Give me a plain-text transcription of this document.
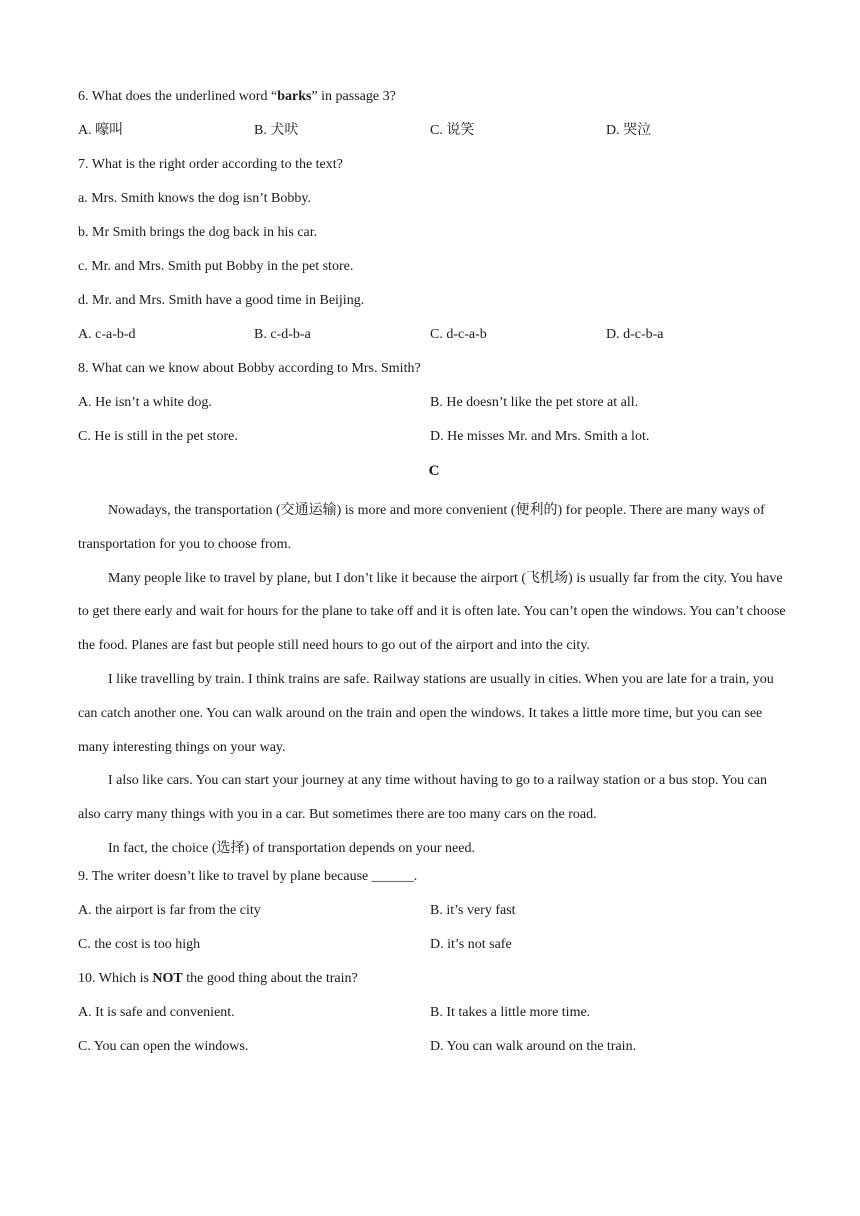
6. What does the underlined word “barks” in passage 3?
A. 嚎叫	B. 犬吠	C. 说笑	D. 哭泣
7. What is the right order according to the text?
a. Mrs. Smith knows the dog isn’t Bobby.
b. Mr Smith brings the dog back in his car.
c. Mr. and Mrs. Smith put Bobby in the pet store.
d. Mr. and Mrs. Smith have a good time in Beijing.
A. c-a-b-d	B. c-d-b-a	C. d-c-a-b	D. d-c-b-a
8. What can we know about Bobby according to Mrs. Smith?
A. He isn’t a white dog.	B. He doesn’t like the pet store at all.
C. He is still in the pet store.	D. He misses Mr. and Mrs. Smith a lot.
C
Nowadays, the transportation (交通运输) is more and more convenient (便利的) for people. There are many ways of transportation for you to choose from.
Many people like to travel by plane, but I don’t like it because the airport (飞机场) is usually far from the city. You have to get there early and wait for hours for the plane to take off and it is often late. You can’t open the windows. You can’t choose the food. Planes are fast but people still need hours to go out of the airport and into the city.
I like travelling by train. I think trains are safe. Railway stations are usually in cities. When you are late for a train, you can catch another one. You can walk around on the train and open the windows. It takes a little more time, but you can see many interesting things on your way.
I also like cars. You can start your journey at any time without having to go to a railway station or a bus stop. You can also carry many things with you in a car. But sometimes there are too many cars on the road.
In fact, the choice (选择) of transportation depends on your need.
9. The writer doesn’t like to travel by plane because ______.
A. the airport is far from the city	B. it’s very fast
C. the cost is too high	D. it’s not safe
10. Which is NOT the good thing about the train?
A. It is safe and convenient.	B. It takes a little more time.
C. You can open the windows.	D. You can walk around on the train.
